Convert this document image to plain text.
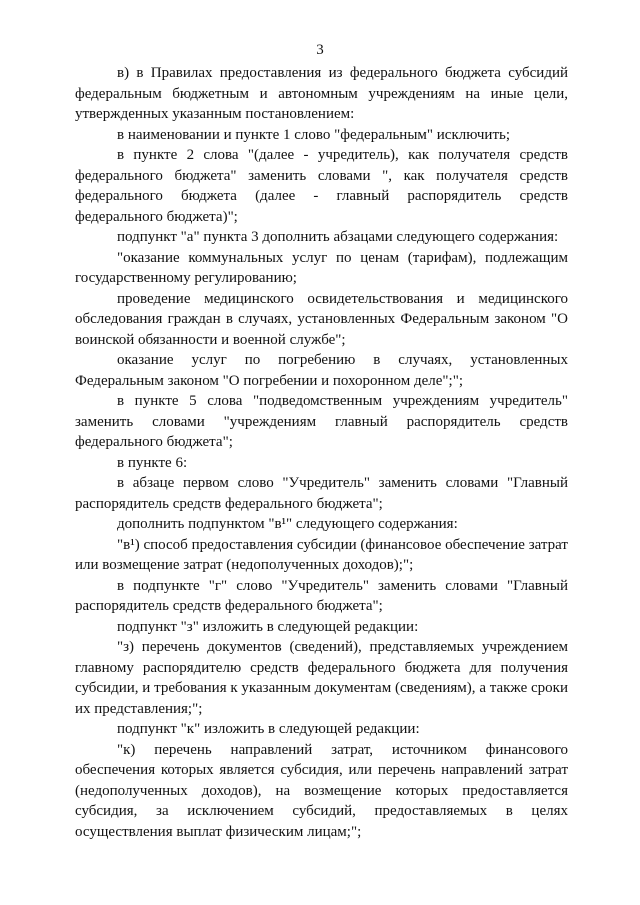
3

в) в Правилах предоставления из федерального бюджета субсидий федеральным бюджетным и автономным учреждениям на иные цели, утвержденных указанным постановлением:

в наименовании и пункте 1 слово "федеральным" исключить;

в пункте 2 слова "(далее - учредитель), как получателя средств федерального бюджета" заменить словами ", как получателя средств федерального бюджета (далее - главный распорядитель средств федерального бюджета)";

подпункт "а" пункта 3 дополнить абзацами следующего содержания:

"оказание коммунальных услуг по ценам (тарифам), подлежащим государственному регулированию;

проведение медицинского освидетельствования и медицинского обследования граждан в случаях, установленных Федеральным законом "О воинской обязанности и военной службе";

оказание услуг по погребению в случаях, установленных Федеральным законом "О погребении и похоронном деле";";

в пункте 5 слова "подведомственным учреждениям учредитель" заменить словами "учреждениям главный распорядитель средств федерального бюджета";

в пункте 6:

в абзаце первом слово "Учредитель" заменить словами "Главный распорядитель средств федерального бюджета";

дополнить подпунктом "в¹" следующего содержания:

"в¹) способ предоставления субсидии (финансовое обеспечение затрат или возмещение затрат (недополученных доходов);";

в подпункте "г" слово "Учредитель" заменить словами "Главный распорядитель средств федерального бюджета";

подпункт "з" изложить в следующей редакции:

"з) перечень документов (сведений), представляемых учреждением главному распорядителю средств федерального бюджета для получения субсидии, и требования к указанным документам (сведениям), а также сроки их представления;";

подпункт "к" изложить в следующей редакции:

"к) перечень направлений затрат, источником финансового обеспечения которых является субсидия, или перечень направлений затрат (недополученных доходов), на возмещение которых предоставляется субсидия, за исключением субсидий, предоставляемых в целях осуществления выплат физическим лицам;";
